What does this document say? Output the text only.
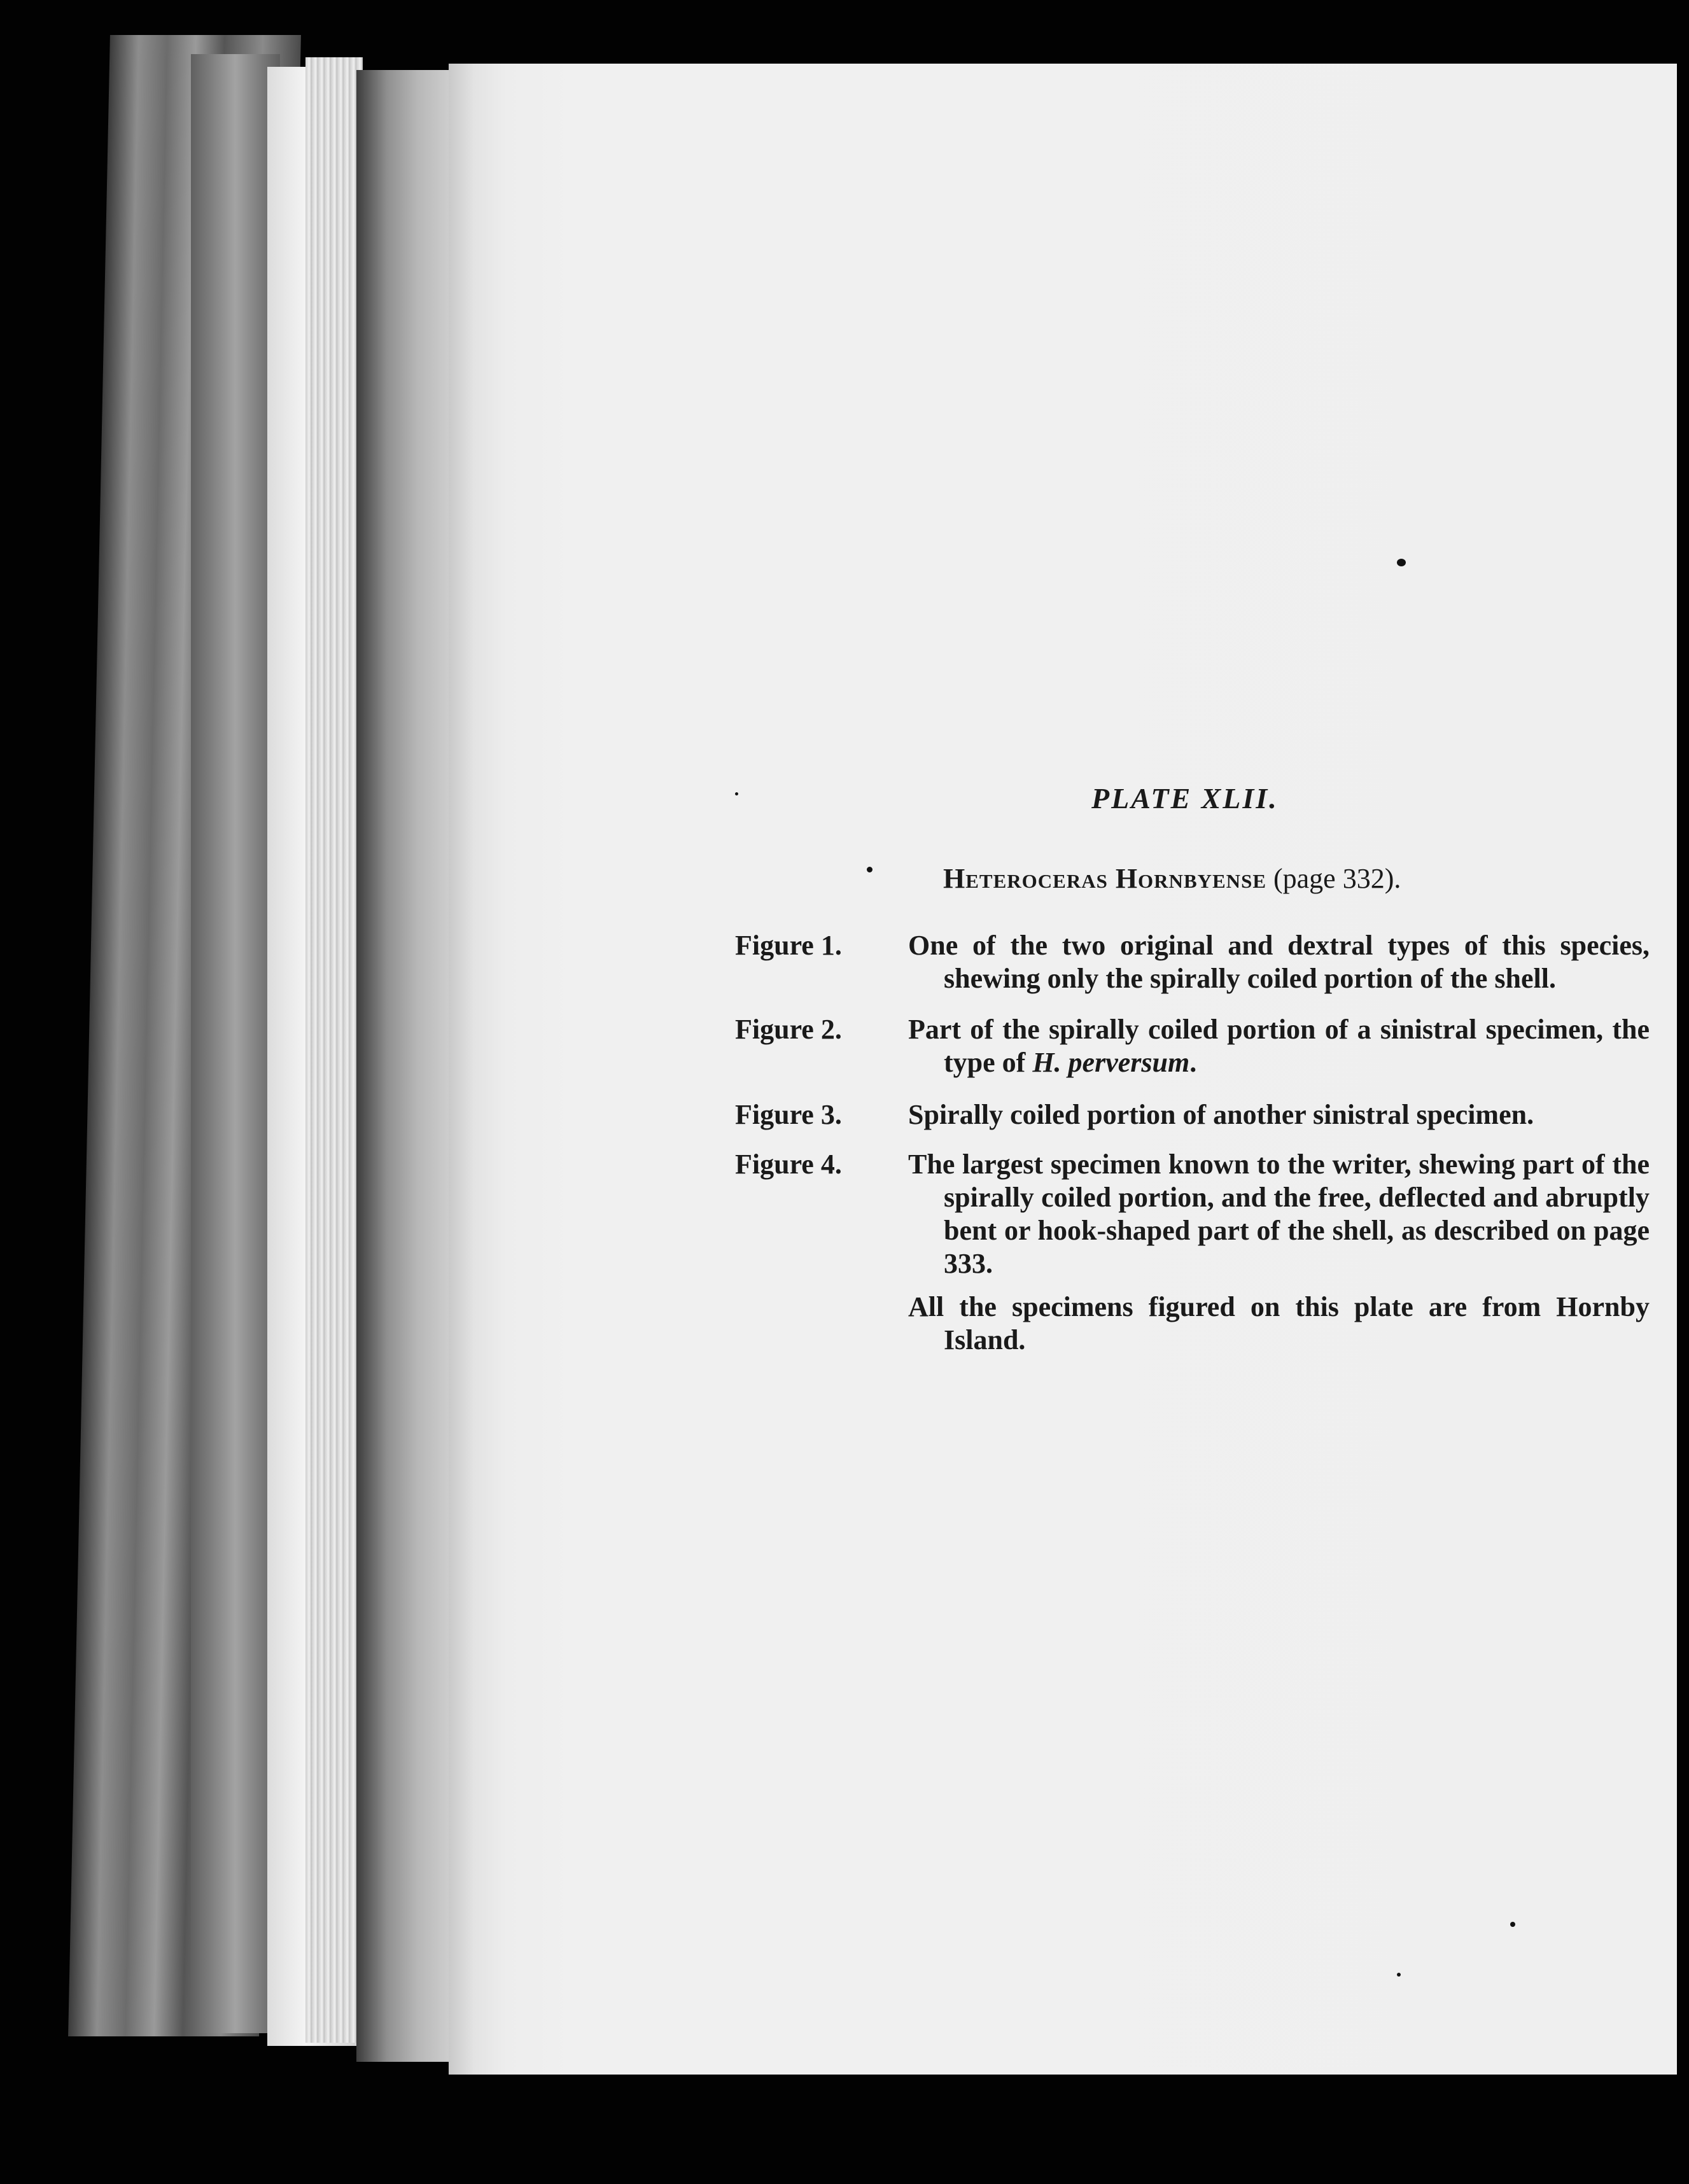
PLATE XLII.
Heteroceras Hornbyense (page 332).
Figure 1. One of the two original and dextral types of this species, shewing only the spirally coiled portion of the shell.
Figure 2. Part of the spirally coiled portion of a sinistral specimen, the type of H. perversum.
Figure 3. Spirally coiled portion of another sinistral specimen.
Figure 4. The largest specimen known to the writer, shewing part of the spirally coiled portion, and the free, deflected and abruptly bent or hook-shaped part of the shell, as described on page 333.
All the specimens figured on this plate are from Hornby Island.
